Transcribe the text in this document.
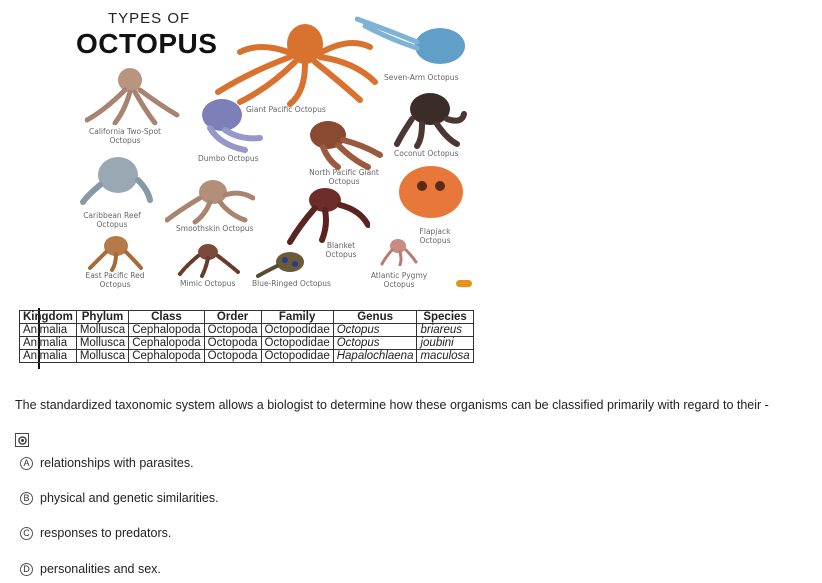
TYPES OF
OCTOPUS
Giant Pacific Octopus
Seven-Arm Octopus
California Two-Spot Octopus
Dumbo Octopus
Coconut Octopus
North Pacific Giant Octopus
Caribbean Reef Octopus	Smoothskin Octopus
Blanket Octopus
Flapjack Octopus
East Pacific Red Octopus	Mimic Octopus Blue-Ringed Octopus
Atlantic Pygmy Octopus
Kingdom	Phylum	Class	Order	Family	Genus	Species
Animalia	Mollusca	Cephalopoda	Octopoda	Octopodidae	Octopus	briareus
Animalia	Mollusca	Cephalopoda	Octopoda	Octopodidae	Octopus	joubini
Animalia	Mollusca	Cephalopoda	Octopoda	Octopodidae	Hapalochlaena	maculosa
The standardized taxonomic system allows a biologist to determine how these organisms can be classified primarily with regard to their -
A relationships with parasites.
B physical and genetic similarities.
C responses to predators.
D personalities and sex.
